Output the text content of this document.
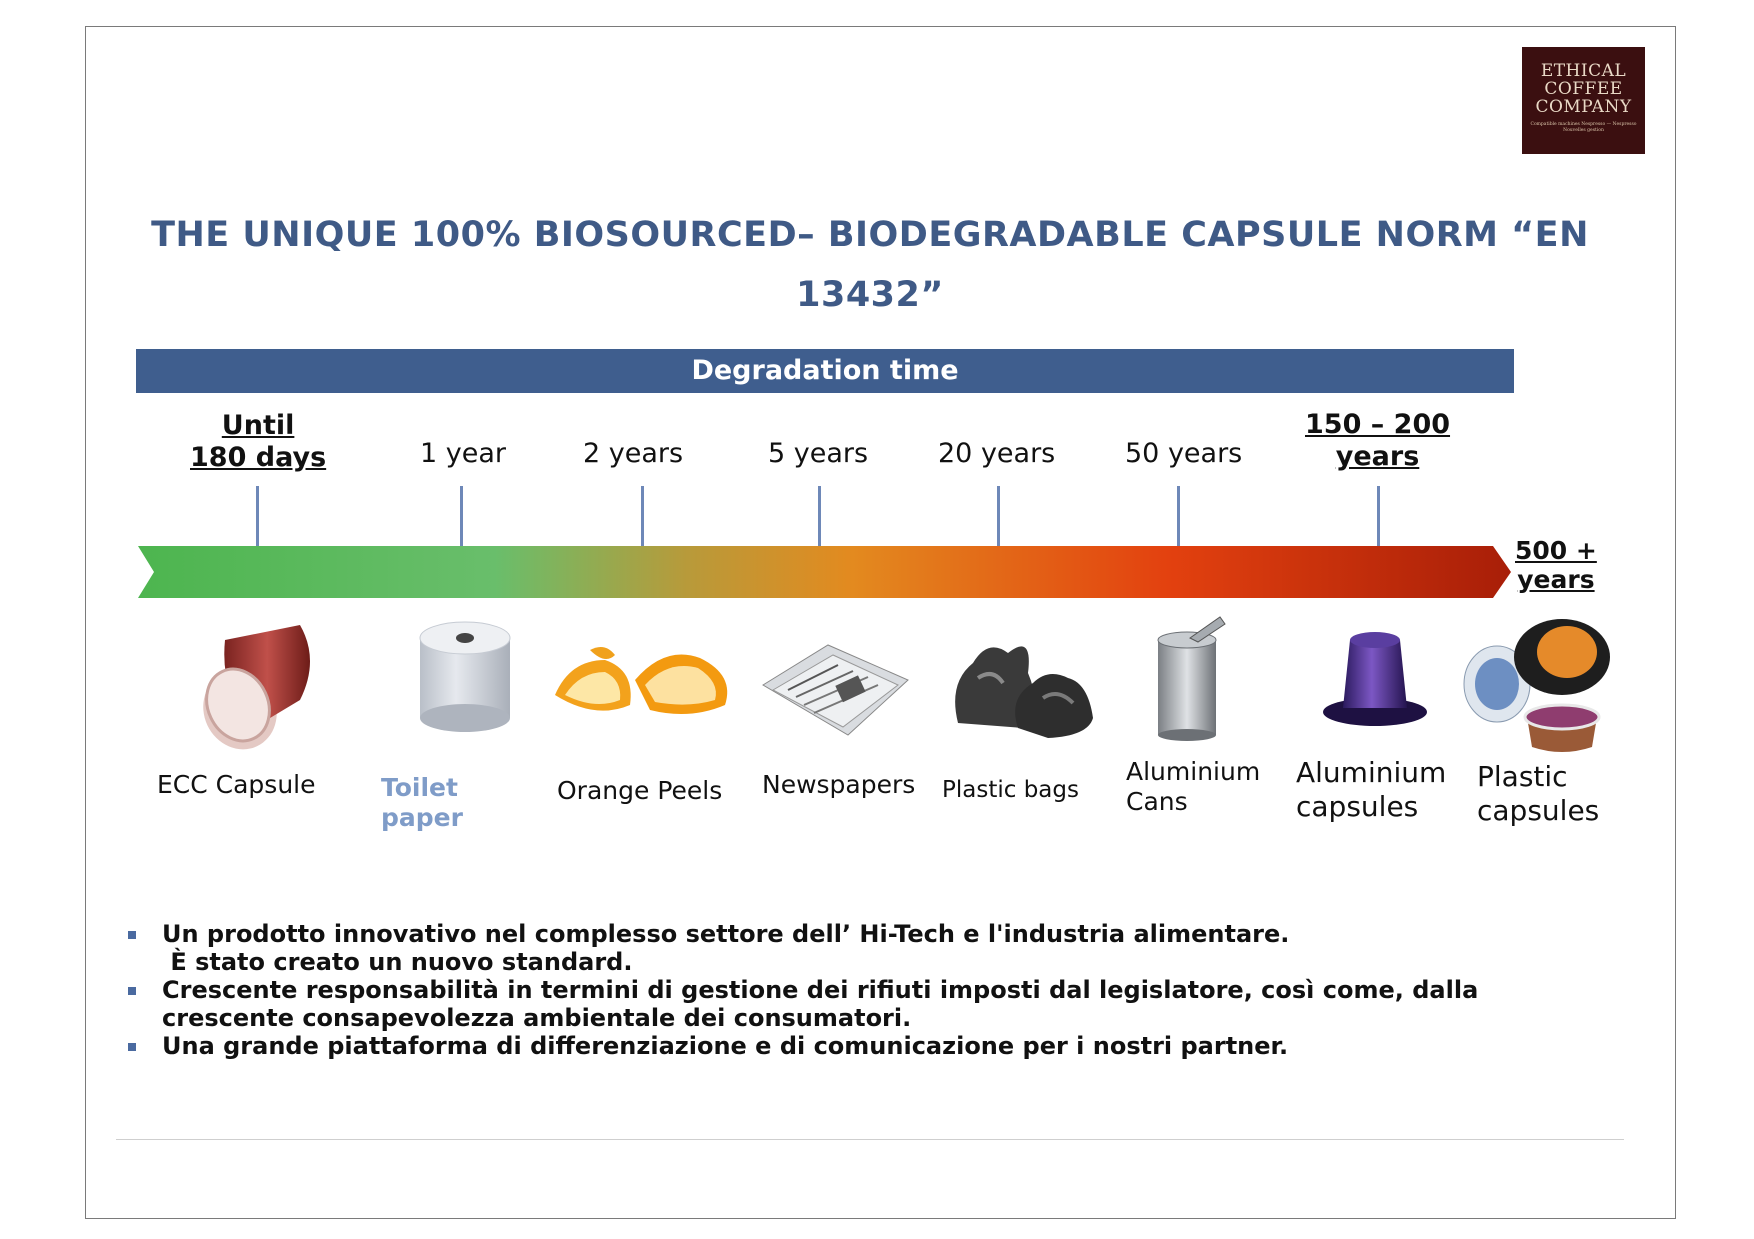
ETHICAL
COFFEE
COMPANY
Compatible machines Nespresso — Nespresso Nouvelles gestion
THE UNIQUE 100% BIOSOURCED– BIODEGRADABLE CAPSULE NORM “EN 13432”
Degradation time
Until
180 days	1 year	2 years	5 years	20 years	50 years
150 – 200
years
500 +
years
ECC Capsule	Toilet
paper
Orange Peels Newspapers Plastic bags
Aluminium
Cans
Aluminium
capsules
Plastic
capsules
Un prodotto innovativo nel complesso settore dell’ Hi-Tech e l'industria alimentare.
È stato creato un nuovo standard.
Crescente responsabilità in termini di gestione dei rifiuti imposti dal legislatore, così come, dalla crescente consapevolezza ambientale dei consumatori.
Una grande piattaforma di differenziazione e di comunicazione per i nostri partner.
